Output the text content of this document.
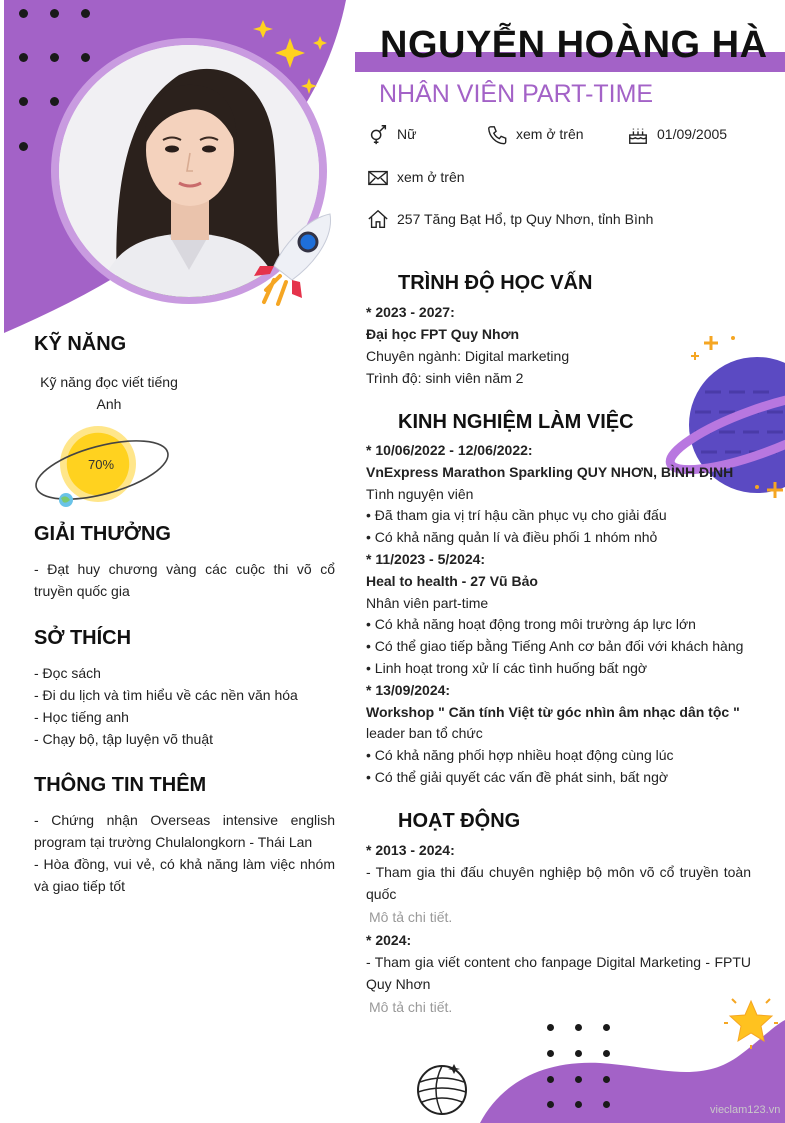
NGUYỄN HOÀNG HÀ
NHÂN VIÊN PART-TIME
Nữ	xem ở trên	01/09/2005
xem ở trên
257 Tăng Bạt Hổ, tp Quy Nhơn, tỉnh Bình
KỸ NĂNG
Kỹ năng đọc viết tiếng
Anh
70%
GIẢI THƯỞNG
- Đạt huy chương vàng các cuộc thi võ cổ truyền quốc gia
SỞ THÍCH
- Đọc sách
- Đi du lịch và tìm hiểu về các nền văn hóa
- Học tiếng anh
- Chạy bộ, tập luyện võ thuật
THÔNG TIN THÊM
- Chứng nhận Overseas intensive english program tại trường Chulalongkorn - Thái Lan
- Hòa đồng, vui vẻ, có khả năng làm việc nhóm và giao tiếp tốt
TRÌNH ĐỘ HỌC VẤN
* 2023 - 2027:
Đại học FPT Quy Nhơn
Chuyên ngành: Digital marketing
Trình độ: sinh viên năm 2
KINH NGHIỆM LÀM VIỆC
* 10/06/2022 - 12/06/2022:
VnExpress Marathon Sparkling QUY NHƠN, BÌNH ĐỊNH
Tình nguyện viên
• Đã tham gia vị trí hậu cần phục vụ cho giải đấu
• Có khả năng quản lí và điều phối 1 nhóm nhỏ
* 11/2023 - 5/2024:
Heal to health - 27 Vũ Bảo
Nhân viên part-time
• Có khả năng hoạt động trong môi trường áp lực lớn
• Có thể giao tiếp bằng Tiếng Anh cơ bản đối với khách hàng
• Linh hoạt trong xử lí các tình huống bất ngờ
* 13/09/2024:
Workshop " Căn tính Việt từ góc nhìn âm nhạc dân tộc "
leader ban tổ chức
• Có khả năng phối hợp nhiều hoạt động cùng lúc
• Có thể giải quyết các vấn đề phát sinh, bất ngờ
HOẠT ĐỘNG
* 2013 - 2024:
- Tham gia thi đấu chuyên nghiệp bộ môn võ cổ truyền toàn quốc
Mô tả chi tiết.
* 2024:
- Tham gia viết content cho fanpage Digital Marketing - FPTU Quy Nhơn
Mô tả chi tiết.
vieclam123.vn
